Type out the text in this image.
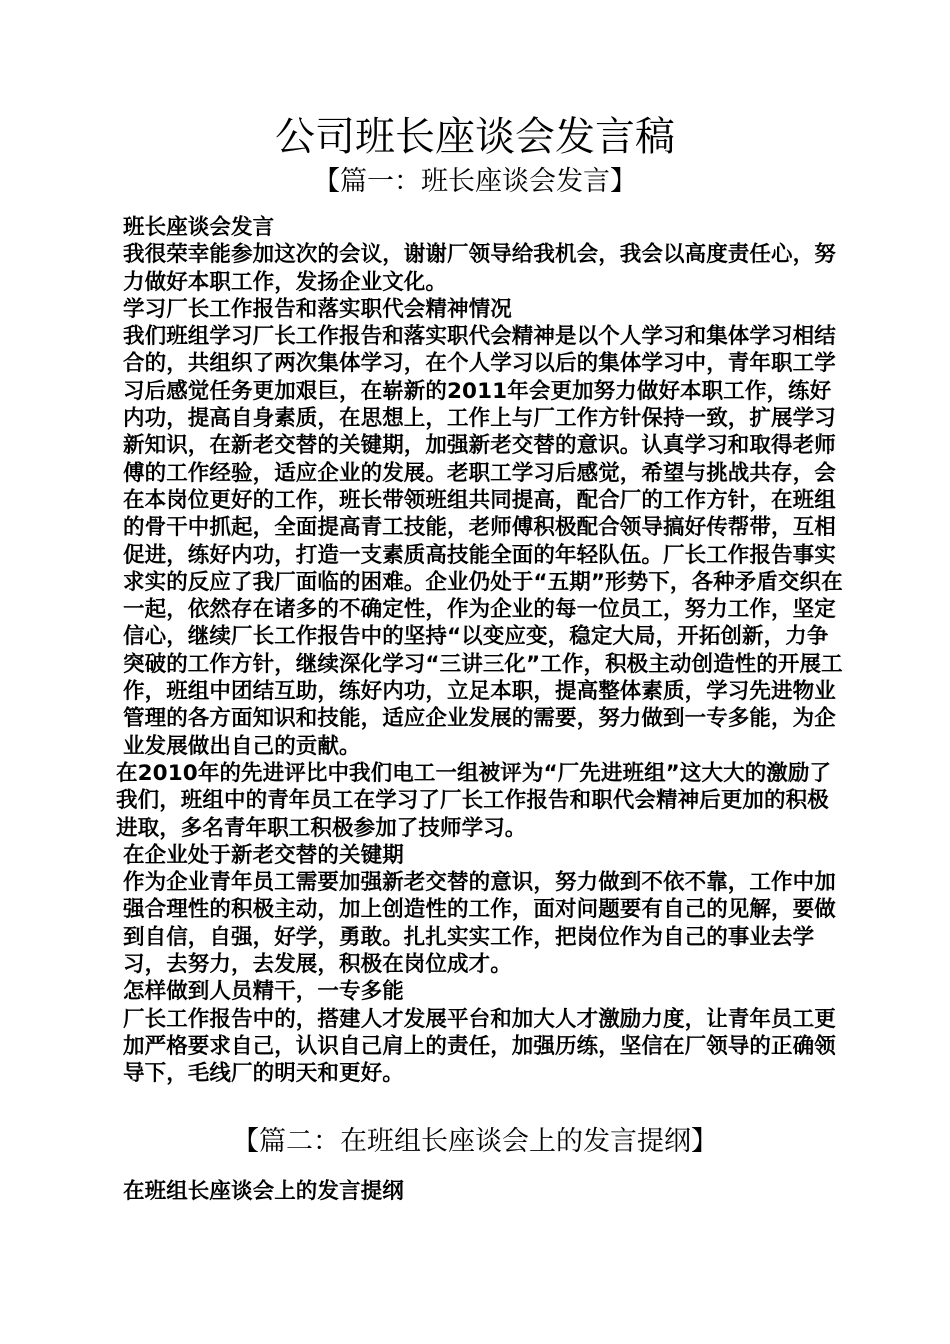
公司班长座谈会发言稿
【篇一：班长座谈会发言】

班长座谈会发言

我很荣幸能参加这次的会议，谢谢厂领导给我机会，我会以高度责任心，努力做好本职工作，发扬企业文化。

学习厂长工作报告和落实职代会精神情况

我们班组学习厂长工作报告和落实职代会精神是以个人学习和集体学习相结合的，共组织了两次集体学习，在个人学习以后的集体学习中，青年职工学习后感觉任务更加艰巨，在崭新的2011年会更加努力做好本职工作，练好内功，提高自身素质，在思想上，工作上与厂工作方针保持一致，扩展学习新知识，在新老交替的关键期，加强新老交替的意识。认真学习和取得老师傅的工作经验，适应企业的发展。老职工学习后感觉，希望与挑战共存，会在本岗位更好的工作，班长带领班组共同提高，配合厂的工作方针，在班组的骨干中抓起，全面提高青工技能，老师傅积极配合领导搞好传帮带，互相促进，练好内功，打造一支素质高技能全面的年轻队伍。厂长工作报告事实求实的反应了我厂面临的困难。企业仍处于“五期”形势下，各种矛盾交织在一起，依然存在诸多的不确定性，作为企业的每一位员工，努力工作，坚定信心，继续厂长工作报告中的坚持“以变应变，稳定大局，开拓创新，力争突破的工作方针，继续深化学习“三讲三化”工作，积极主动创造性的开展工作，班组中团结互助，练好内功，立足本职，提高整体素质，学习先进物业管理的各方面知识和技能，适应企业发展的需要，努力做到一专多能，为企业发展做出自己的贡献。

在2010年的先进评比中我们电工一组被评为“厂先进班组”这大大的激励了我们，班组中的青年员工在学习了厂长工作报告和职代会精神后更加的积极进取，多名青年职工积极参加了技师学习。

在企业处于新老交替的关键期

作为企业青年员工需要加强新老交替的意识，努力做到不依不靠，工作中加强合理性的积极主动，加上创造性的工作，面对问题要有自己的见解，要做到自信，自强，好学，勇敢。扎扎实实工作，把岗位作为自己的事业去学习，去努力，去发展，积极在岗位成才。

怎样做到人员精干，一专多能

厂长工作报告中的，搭建人才发展平台和加大人才激励力度，让青年员工更加严格要求自己，认识自己肩上的责任，加强历练，坚信在厂领导的正确领导下，毛线厂的明天和更好。

【篇二：在班组长座谈会上的发言提纲】

在班组长座谈会上的发言提纲
